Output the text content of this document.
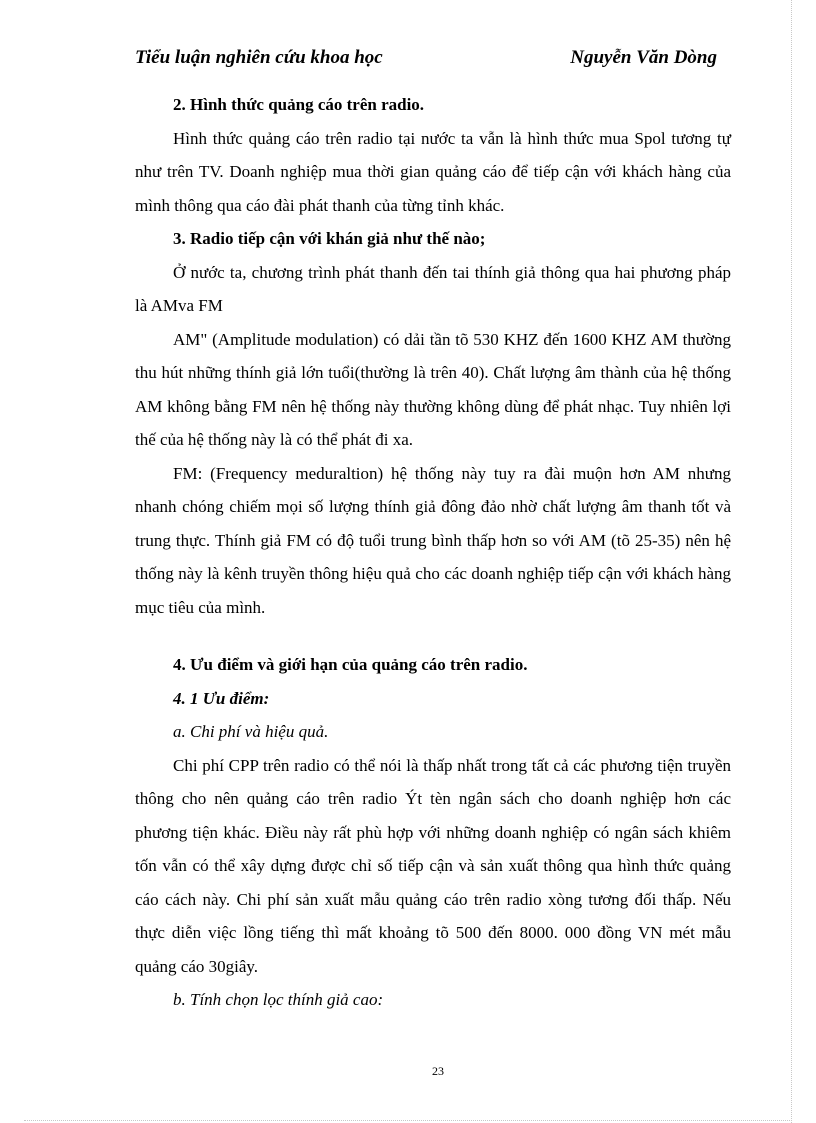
Tiểu luận nghiên cứu khoa học	Nguyễn Văn Dòng

2. Hình thức quảng cáo trên radio.

Hình thức quảng cáo trên radio tại nước ta vẫn là hình thức mua Spol tương tự như trên TV. Doanh nghiệp mua thời gian quảng cáo để tiếp cận với khách hàng của mình thông qua cáo đài phát thanh của từng tỉnh khác.

3. Radio tiếp cận với khán giả như thế nào;

Ở nước ta, chương trình phát thanh đến tai thính giả thông qua hai phương pháp là AMva FM

AM" (Amplitude modulation) có dải tần tõ 530 KHZ đến 1600 KHZ AM thường thu hút những thính giả lớn tuổi(thường là trên 40). Chất lượng âm thành của hệ thống AM không bằng FM nên hệ thống này thường không dùng để phát nhạc. Tuy nhiên lợi thế của hệ thống này là có thể phát đi xa.

FM: (Frequency meduraltion) hệ thống này tuy ra đài muộn hơn AM nhưng nhanh chóng chiếm mọi số lượng thính giả đông đảo nhờ chất lượng âm thanh tốt và trung thực. Thính giả FM có độ tuổi trung bình thấp hơn so với AM (tõ 25-35) nên hệ thống này là kênh truyền thông hiệu quả cho các doanh nghiệp tiếp cận với khách hàng mục tiêu của mình.

4. Ưu điểm và giới hạn của quảng cáo trên radio.

4. 1 Ưu điểm:

a. Chi phí và hiệu quả.

Chi phí CPP trên radio có thể nói là thấp nhất trong tất cả các phương tiện truyền thông cho nên quảng cáo trên radio Ýt tèn ngân sách cho doanh nghiệp hơn các phương tiện khác. Điều này rất phù hợp với những doanh nghiệp có ngân sách khiêm tốn vẫn có thể xây dựng được chỉ số tiếp cận và sản xuất thông qua hình thức quảng cáo cách này. Chi phí sản xuất mẫu quảng cáo trên radio xòng tương đối thấp. Nếu thực diễn việc lồng tiếng thì mất khoảng tõ 500 đến 8000. 000 đồng VN mét mẫu quảng cáo 30giây.

b. Tính chọn lọc thính giả cao:

23
